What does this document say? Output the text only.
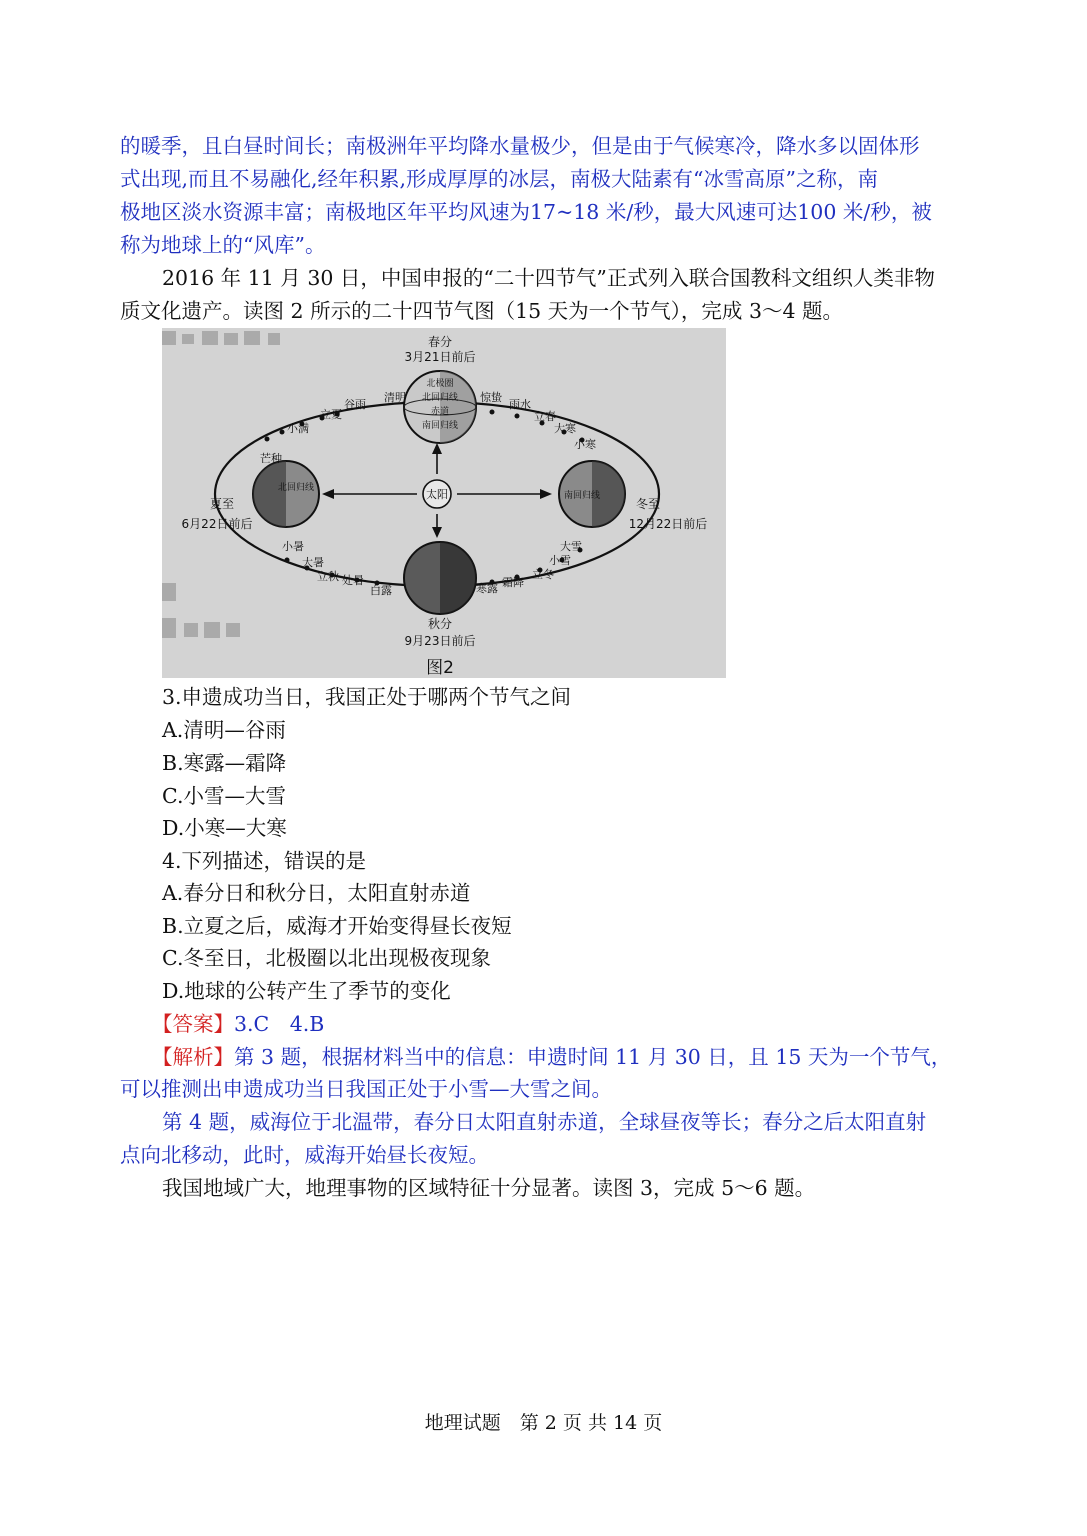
的暖季，且白昼时间长；南极洲年平均降水量极少，但是由于气候寒冷，降水多以固体形

式出现,而且不易融化,经年积累,形成厚厚的冰层，南极大陆素有“冰雪高原”之称，南

极地区淡水资源丰富；南极地区年平均风速为17~18 米/秒，最大风速可达100 米/秒，被

称为地球上的“风库”。

2016 年 11 月 30 日，中国申报的“二十四节气”正式列入联合国教科文组织人类非物

质文化遗产。读图 2 所示的二十四节气图（15 天为一个节气），完成 3～4 题。

太阳
北极圈
北回归线
赤道
南回归线
春分
3月21日前后
北回归线
夏至
6月22日前后
南回归线
冬至
12月22日前后
秋分
9月23日前后
清明
谷雨
立夏
小满
芒种
惊蛰
雨水
立春
大寒
小寒
小暑
大暑
立秋 处暑
白露	寒露 霜降
立冬
小雪
大雪
图2

3.申遗成功当日，我国正处于哪两个节气之间

A.清明—谷雨

B.寒露—霜降

C.小雪—大雪

D.小寒—大寒

4.下列描述，错误的是

A.春分日和秋分日，太阳直射赤道

B.立夏之后，威海才开始变得昼长夜短

C.冬至日，北极圈以北出现极夜现象

D.地球的公转产生了季节的变化

【答案】3.C　4.B

【解析】第 3 题，根据材料当中的信息：申遗时间 11 月 30 日，且 15 天为一个节气，

可以推测出申遗成功当日我国正处于小雪—大雪之间。

第 4 题，威海位于北温带，春分日太阳直射赤道，全球昼夜等长；春分之后太阳直射

点向北移动，此时，威海开始昼长夜短。

我国地域广大，地理事物的区域特征十分显著。读图 3，完成 5～6 题。

地理试题　第 2 页 共 14 页
